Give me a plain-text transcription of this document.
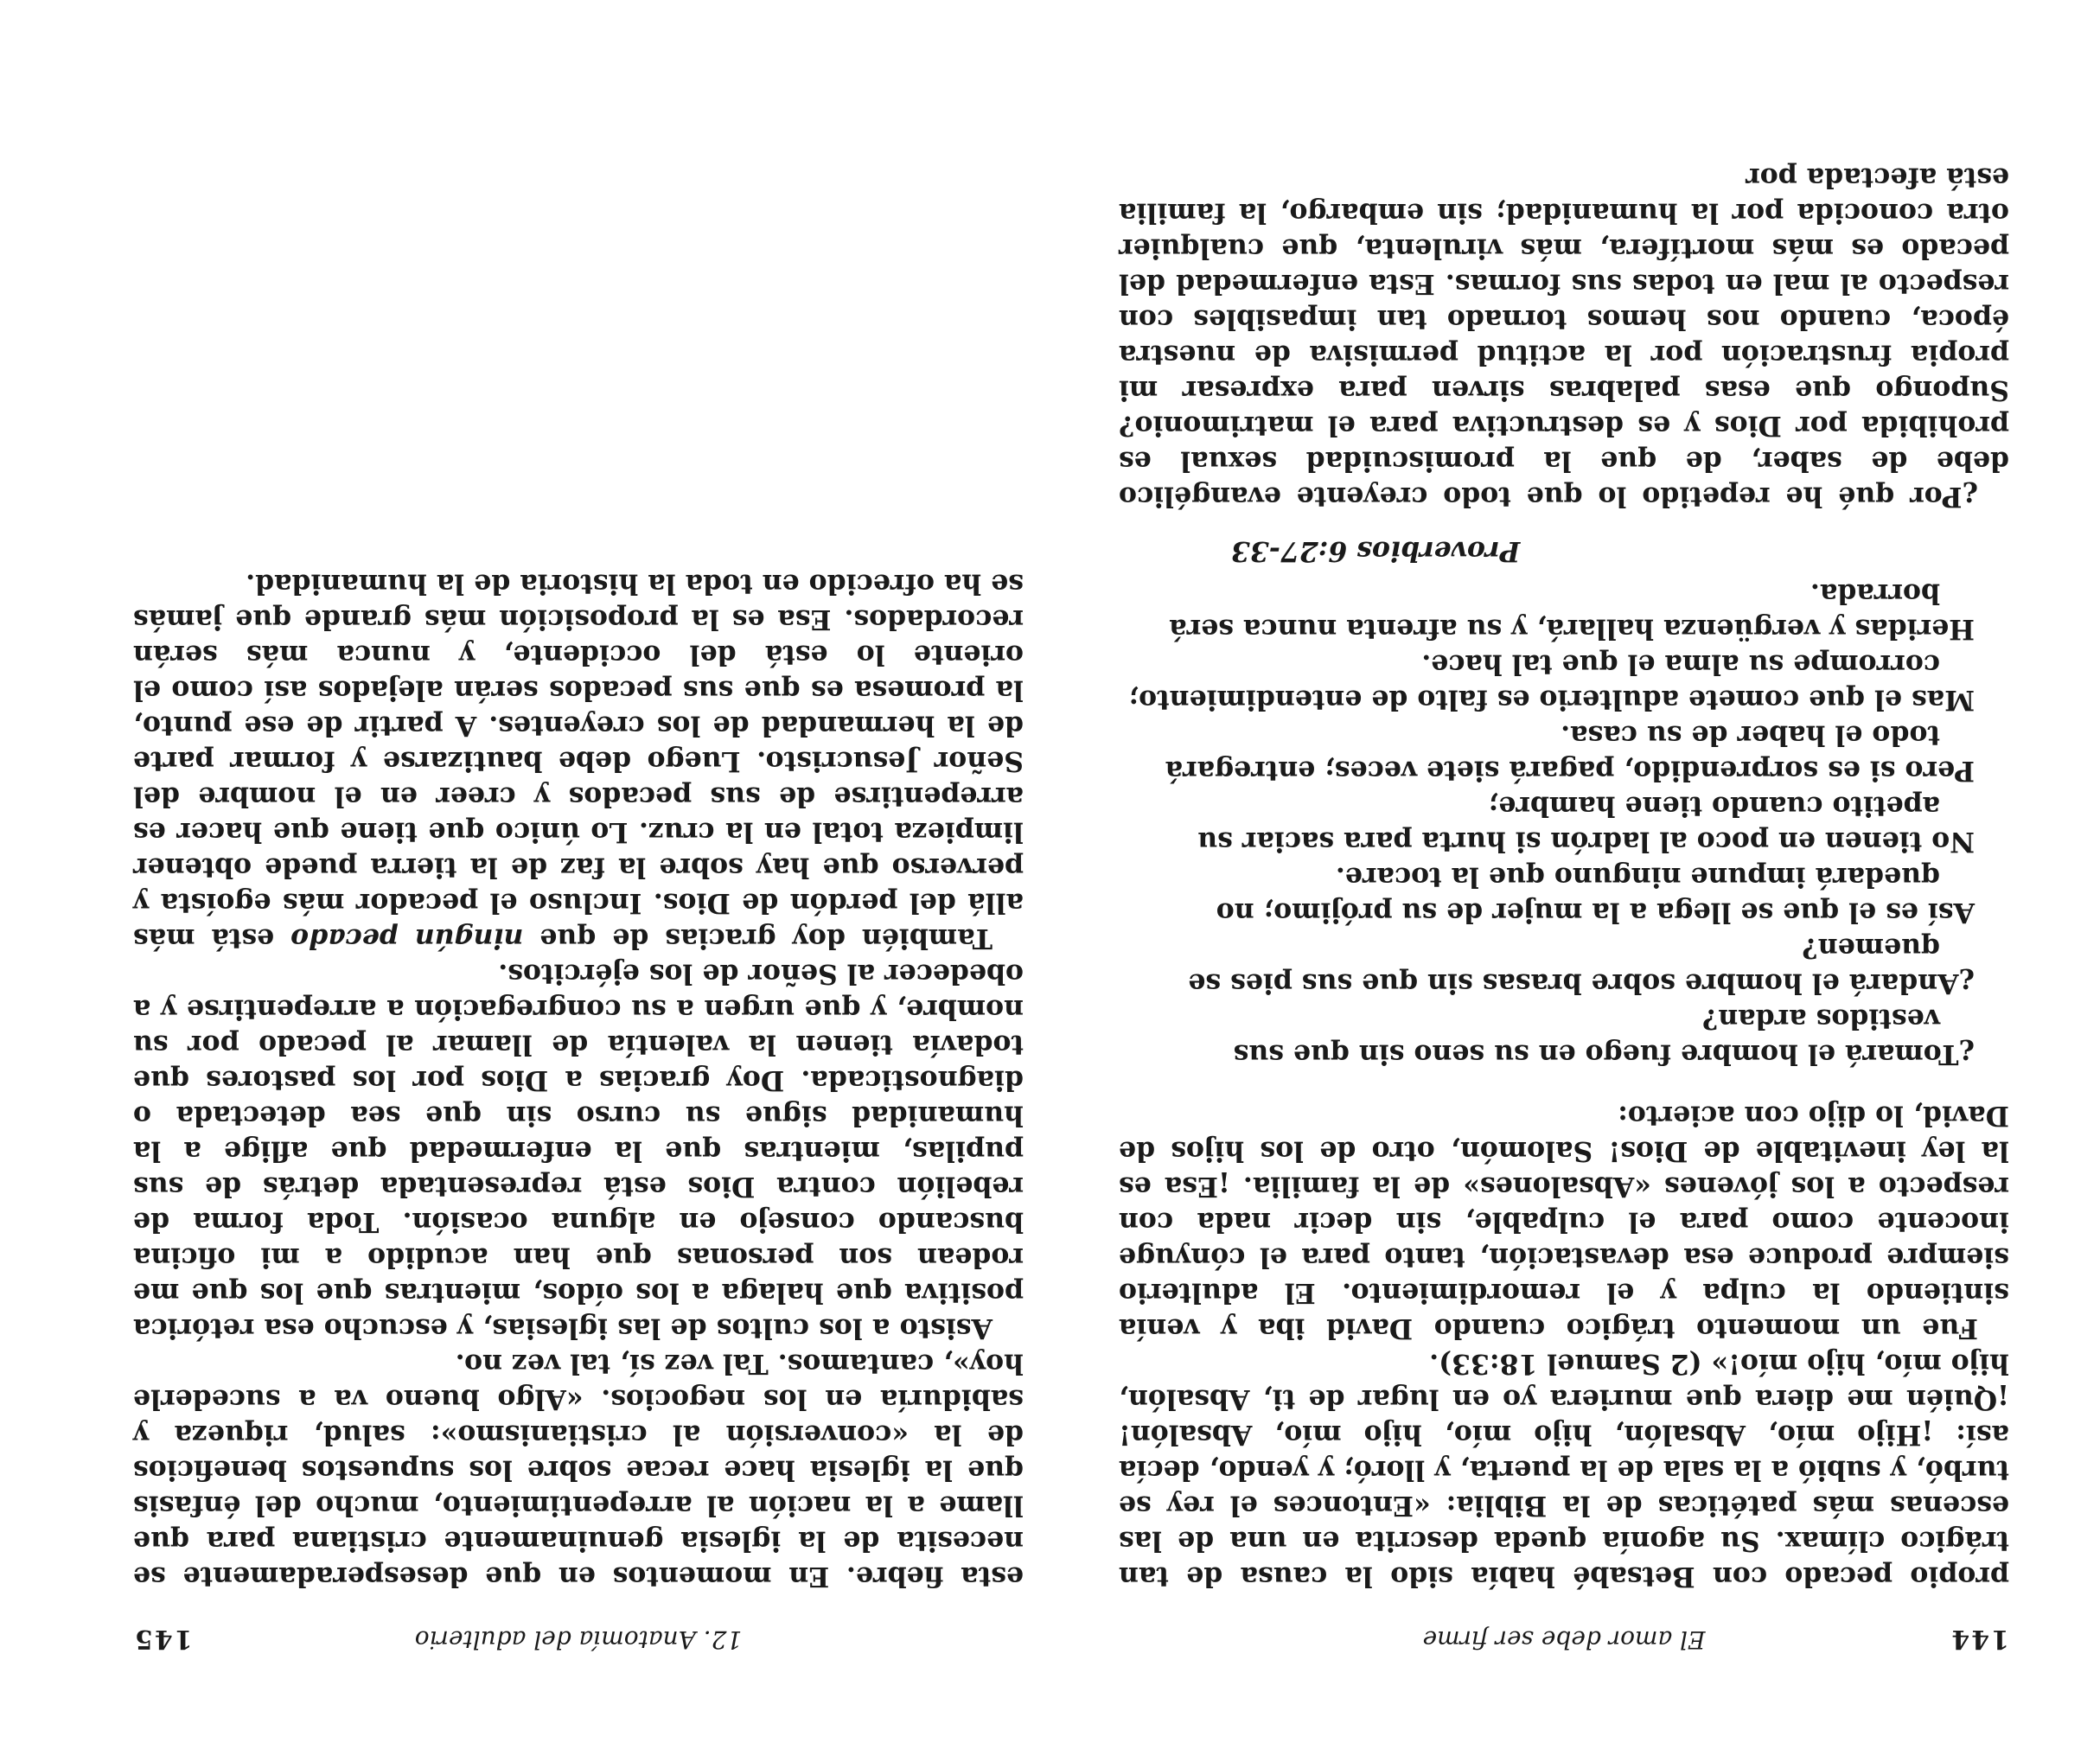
144
El amor debe ser firme

propio pecado con Betsabé había sido la causa de tan trágico clímax. Su agonía queda descrita en una de las escenas más patéticas de la Biblia: «Entonces el rey se turbó, y subió a la sala de la puerta, y lloró; y yendo, decía así: ¡Hijo mío, Absalón, hijo mío, hijo mío, Absalón! ¡Quién me diera que muriera yo en lugar de ti, Absalón, hijo mío, hijo mío!» (2 Samuel 18:33).

Fue un momento trágico cuando David iba y venía sintiendo la culpa y el remordimiento. El adulterio siempre produce esa devastación, tanto para el cónyuge inocente como para el culpable, sin decir nada con respecto a los jóvenes «Absalones» de la familia. ¡Esa es la ley inevitable de Dios! Salomón, otro de los hijos de David, lo dijo con acierto:

¿Tomará el hombre fuego en su seno sin que sus vestidos ardan?
¿Andará el hombre sobre brasas sin que sus pies se quemen?
Así es el que se llega a la mujer de su prójimo; no quedará impune ninguno que la tocare.
No tienen en poco al ladrón si hurta para saciar su apetito cuando tiene hambre;
Pero si es sorprendido, pagará siete veces; entregará todo el haber de su casa.
Mas el que comete adulterio es falto de entendimiento; corrompe su alma el que tal hace.
Heridas y vergüenza hallará, y su afrenta nunca será borrada.
Proverbios 6:27-33

¿Por qué he repetido lo que todo creyente evangélico debe de saber, de que la promiscuidad sexual es prohibida por Dios y es destructiva para el matrimonio? Supongo que esas palabras sirven para expresar mi propia frustración por la actitud permisiva de nuestra época, cuando nos hemos tornado tan impasibles con respecto al mal en todas sus formas. Esta enfermedad del pecado es más mortífera, más virulenta, que cualquier otra conocida por la humanidad; sin embargo, la familia está afectada por

12. Anatomía del adulterio
145

esta fiebre. En momentos en que desesperadamente se necesita de la iglesia genuinamente cristiana para que llame a la nación al arrepentimiento, mucho del énfasis que la iglesia hace recae sobre los supuestos beneficios de la «conversión al cristianismo»: salud, riqueza y sabiduría en los negocios. «Algo bueno va a sucederle hoy», cantamos. Tal vez sí, tal vez no.

Asisto a los cultos de las iglesias, y escucho esa retórica positiva que halaga a los oídos, mientras que los que me rodean son personas que han acudido a mi oficina buscando consejo en alguna ocasión. Toda forma de rebelión contra Dios está representada detrás de sus pupilas, mientras que la enfermedad que aflige a la humanidad sigue su curso sin que sea detectada o diagnosticada. Doy gracias a Dios por los pastores que todavía tienen la valentía de llamar al pecado por su nombre, y que urgen a su congregación a arrepentirse y a obedecer al Señor de los ejércitos.

También doy gracias de que ningún pecado está más allá del perdón de Dios. Incluso el pecador más egoísta y perverso que hay sobre la faz de la tierra puede obtener limpieza total en la cruz. Lo único que tiene que hacer es arrepentirse de sus pecados y creer en el nombre del Señor Jesucristo. Luego debe bautizarse y formar parte de la hermandad de los creyentes. A partir de ese punto, la promesa es que sus pecados serán alejados así como el oriente lo está del occidente, y nunca más serán recordados. Esa es la proposición más grande que jamás se ha ofrecido en toda la historia de la humanidad.
